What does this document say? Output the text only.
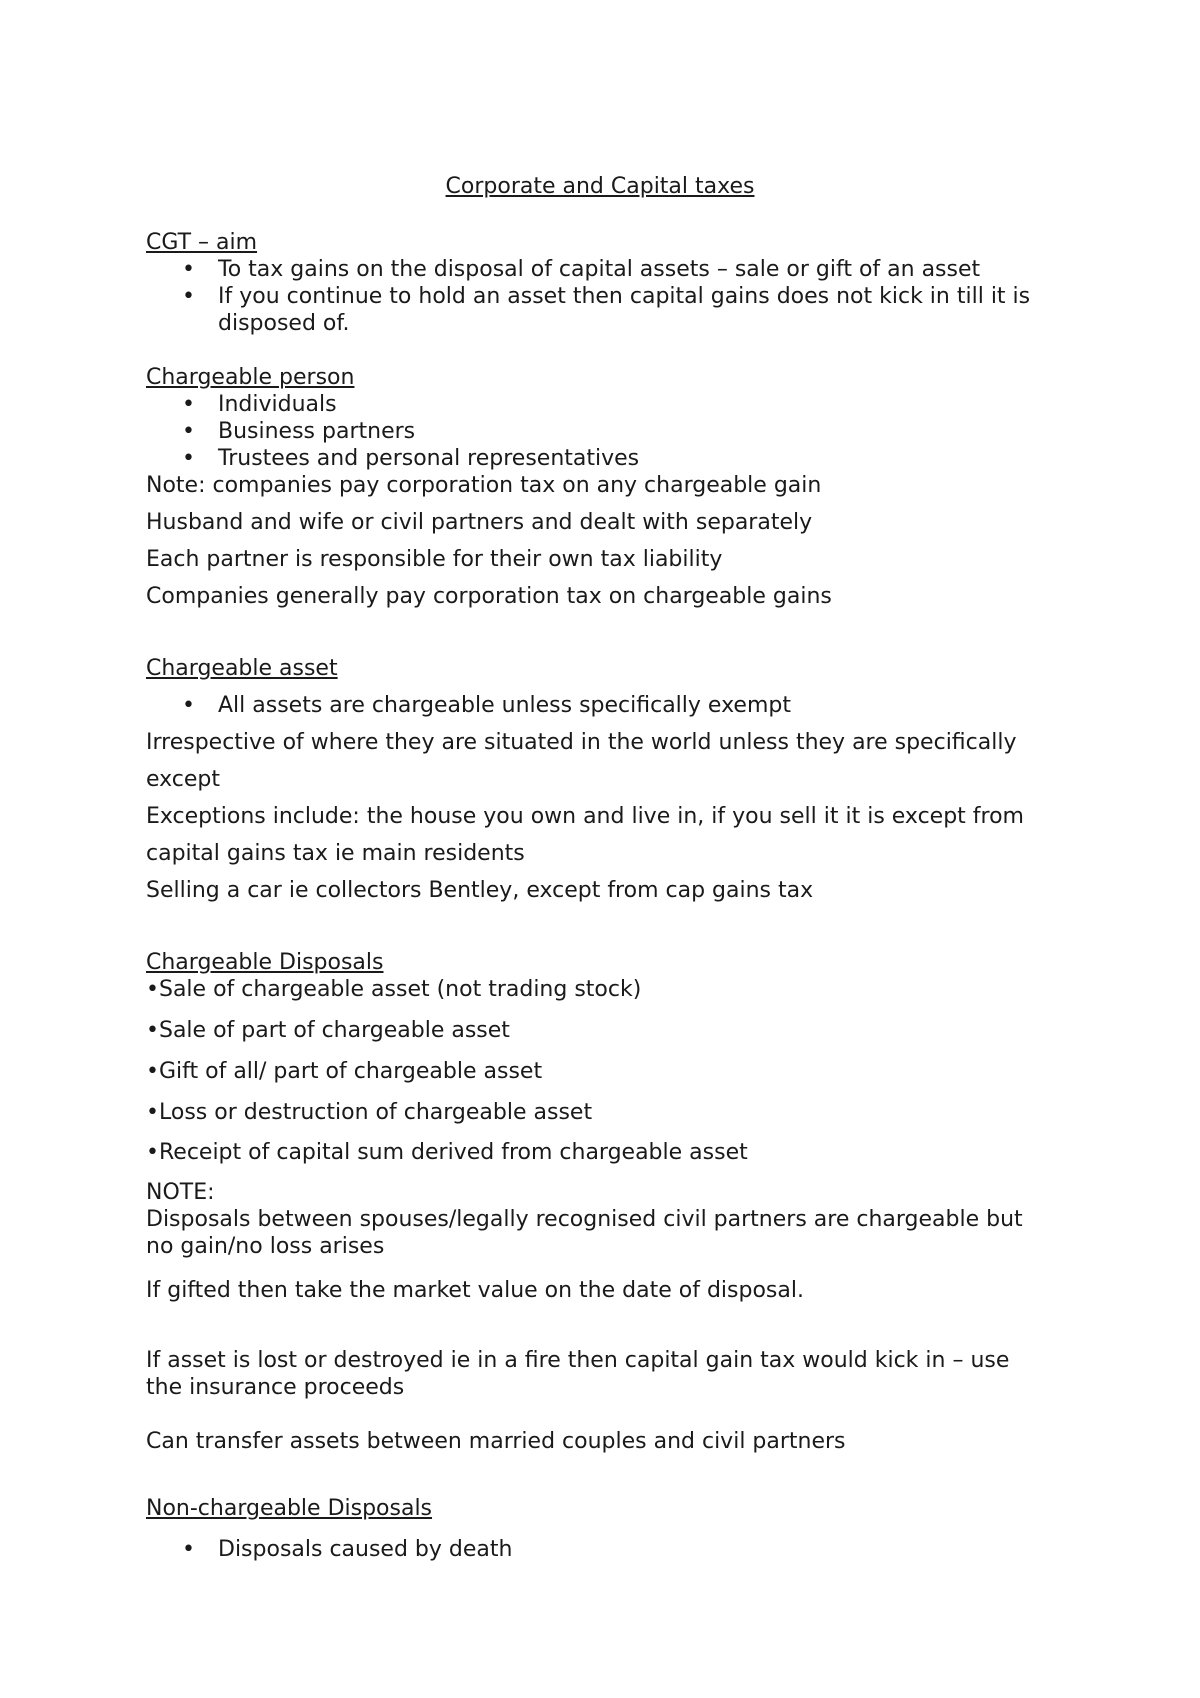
Corporate and Capital taxes

CGT – aim

• To tax gains on the disposal of capital assets – sale or gift of an asset
• If you continue to hold an asset then capital gains does not kick in till it is
disposed of.

Chargeable person

• Individuals
• Business partners
• Trustees and personal representatives

Note: companies pay corporation tax on any chargeable gain

Husband and wife or civil partners and dealt with separately

Each partner is responsible for their own tax liability

Companies generally pay corporation tax on chargeable gains

Chargeable asset

• All assets are chargeable unless specifically exempt

Irrespective of where they are situated in the world unless they are specifically

except

Exceptions include: the house you own and live in, if you sell it it is except from

capital gains tax ie main residents

Selling a car ie collectors Bentley, except from cap gains tax

Chargeable Disposals

•Sale of chargeable asset (not trading stock)

•Sale of part of chargeable asset

•Gift of all/ part of chargeable asset

•Loss or destruction of chargeable asset

•Receipt of capital sum derived from chargeable asset

NOTE:

Disposals between spouses/legally recognised civil partners are chargeable but

no gain/no loss arises

If gifted then take the market value on the date of disposal.

If asset is lost or destroyed ie in a fire then capital gain tax would kick in – use

the insurance proceeds

Can transfer assets between married couples and civil partners

Non-chargeable Disposals

• Disposals caused by death
